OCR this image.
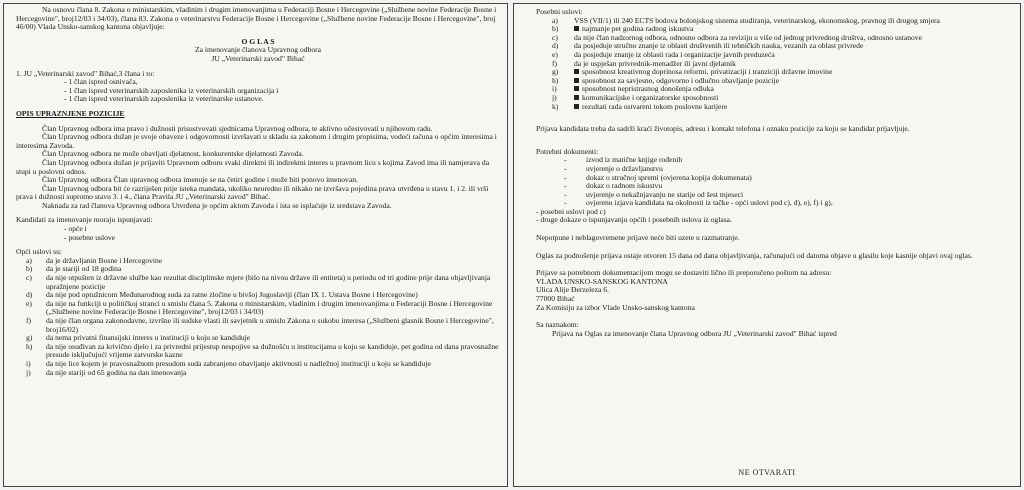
Na osnovu člana 8. Zakona o ministarskim, vladinim i drugim imenovanjima u Federaciji Bosne i Hercegovine („Službene novine Federacije Bosne i Hercegovine", broj12/03 i 34/03), člana 83. Zakona o veterinarstvu Federacije Bosne i Hercegovine („Službene novine Federacije Bosne i Hercegovine", broj 46/00) Vlada Unsko-sanskog kantona objavljuje:

O G L A S

Za imenovanje članova Upravnog odbora

JU „Veterinarski zavod" Bihać

1. JU „Veterinarski zavod" Bihać,3 člana i to:

- 1 član ispred osnivača,
- 1 član ispred veterinarskih zaposlenika iz veterinarskih organizacija i
- 1 član ispred veterinarskih zaposlenika iz veterinarske ustanove.

OPIS UPRAZNJENE POZICIJE

Član Upravnog odbora ima pravo i dužnosti prisustvovati sjednicama Upravnog odbora, te aktivno učestvovati u njihovom radu.

Član Upravnog odbora dužan je svoje obaveze i odgovornosti izvršavati u skladu sa zakonom i drugim propisima, vodeći računa o općim interesima i interesima Zavoda.

Član Upravnog odbora ne može obavljati djelatnost, konkurentske djelatnosti Zavoda.

Član Upravnog odbora dužan je prijaviti Upravnom odboru svaki direktni ili indirektni interes u pravnom licu s kojima Zavod ima ili namjerava da stupi u poslovni odnos.

Član Upravnog odbora Član upravnog odbora imenuje se na četiri godine i može biti ponovo imenovan.

Član Upravnog odbora bit će razriješen prije isteka mandata, ukoliko neuredno ili nikako ne izvršava pojedina prava utvrđena u stavu 1. i 2. ili vrši prava i dužnosti suprotno stavu 3. i 4., člana Pravila JU „Veterinarski zavod" Bihać.

Naknada za rad članova Upravnog odbora Utvrđena je općim aktom Zavoda i ista se isplaćuje iz sredstava Zavoda.

Kandidati za imenovanje moraju ispunjavati:

- opće i
- posebne uslove

Opći uslovi su:

a)	da je državljanin Bosne i Hercegovine
b)	da je stariji od 18 godina
c)	da nije otpušten iz državne službe kao rezultat disciplinske mjere (bilo na nivou države ili entiteta) u periodu od tri godine prije dana objavljivanja upražnjene pozicije
d)	da nije pod optužnicom Međunarodnog suda za ratne zločine u bivšoj Jugoslaviji (član IX 1. Ustava Bosne i Hercegovine)
e)	da nije na funkciji u političkoj stranci u smislu člana 5. Zakona o ministarskim, vladinim i drugim imenovanjima u Federaciji Bosne i Hercegovine („Službene novine Federacije Bosne i Hercegovine", broj12/03 i 34/03)
f)	da nije član organa zakonodavne, izvršne ili sudske vlasti ili savjetnik u smislu Zakona o sukobu interesa („Službeni glasnik Bosne i Hercegovine", broj16/02)
g)	da nema privatni finansijski interes u instituciji u koju se kandiduje
h)	da nije osuđivan za krivično djelo i za privredni prijestup nespojive sa dužnošću u institucijama u koju se kandiduje, pet godina od dana pravosnažne presude isključujući vrijeme zatvorske kazne
i)	da nije lice kojem je pravosnažnom presudom suda zabranjeno obavljanje aktivnosti u nadležnoj instituciji u koju se kandiduje
j)	da nije stariji od 65 godina na dan imenovanja

Posebni uslovi:

a)	VSS (VII/1) ili 240 ECTS bodova bolonjskog sistema studiranja, veterinarskog, ekonomskog, pravnog ili drugog smjera
b)	najmanje pet godina radnog iskustva
c)	da nije član nadzornog odbora, odnosno odbora za reviziju u više od jednog privrednog društva, odnosno ustanove
d)	da posjeduje stručno znanje iz oblasti društvenih ili tehničkih nauka, vezanih za oblast privrede
e)	da posjeduje znanje iz oblasti rada i organizacije javnih preduzeća
f)	da je uspješan privrednik-menadžer ili javni djelatnik
g)	sposobnost kreativnog doprinosa reformi, privatizaciji i tranziciji državne imovine
h)	sposobnost za savjesno, odgovorno i odlučno obavljanje pozicije
i)	sposobnost nepristrasnog donošenja odluka
j)	komunikacijske i organizatorske sposobnosti
k)	rezultati rada ostvareni tokom poslovne karijere

Prijava kandidata treba da sadrži kraći životopis, adresu i kontakt telefona i oznaku pozicije za koju se kandidat prijavljuje.

Potrebni dokumenti:

-	izvod iz matične knjige rođenih
-	uvjerenje o državljanstvu
-	dokaz o stručnoj spremi (ovjerena kopija dokumenata)
-	dokaz o radnom iskustvu
-	uvjerenje o nekažnjavanju ne starije od šest mjeseci
-	ovjerenu izjavu kandidata na okolnosti iz tačke - opći uslovi pod c), d), e), f) i g),

- posebni uslovi pod c)

- druge dokaze o ispunjavanju općih i posebnih uslova iz oglasa.

Nepotpune i neblagovremene prijave neće biti uzete u razmatranje.

Oglas za podnošenje prijava ostaje otvoren 15 dana od dana objavljivanja, računajući od datuma objave u glasilu koje kasnije objavi ovaj oglas.

Prijave sa potrebnom dokumentacijom mogu se dostaviti lično ili preporučeno poštom na adresu:

VLADA UNSKO-SANSKOG KANTONA

Ulica Alije Đerzeleza 6.

77000 Bihać

Za Komisiju za izbor Vlade Unsko-sanskog kantona

Sa naznakom:

Prijava na Oglas za imenovanje člana Upravnog odbora JU „Veterinarski zavod" Bihać ispred

NE OTVARATI
